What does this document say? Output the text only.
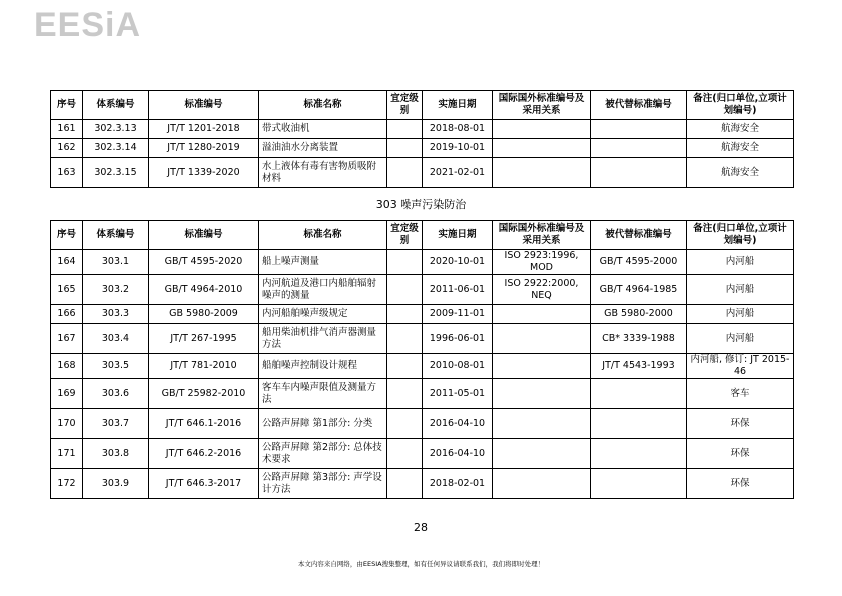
EESiA
序号	体系编号	标准编号	标准名称	宜定级别	实施日期	国际国外标准编号及采用关系	被代替标准编号	备注(归口单位,立项计划编号)
161	302.3.13	JT/T 1201-2018	带式收油机		2018-08-01			航海安全
162	302.3.14	JT/T 1280-2019	溢油油水分离装置		2019-10-01			航海安全
163	302.3.15	JT/T 1339-2020	水上液体有毒有害物质吸附材料		2021-02-01			航海安全
303 噪声污染防治
序号	体系编号	标准编号	标准名称	宜定级别	实施日期	国际国外标准编号及采用关系	被代替标准编号	备注(归口单位,立项计划编号)
164	303.1	GB/T 4595-2020	船上噪声测量		2020-10-01	ISO 2923:1996, MOD	GB/T 4595-2000	内河船
165	303.2	GB/T 4964-2010	内河航道及港口内船舶辐射噪声的测量		2011-06-01	ISO 2922:2000, NEQ	GB/T 4964-1985	内河船
166	303.3	GB 5980-2009	内河船舶噪声级规定		2009-11-01		GB 5980-2000	内河船
167	303.4	JT/T 267-1995	船用柴油机排气消声器测量方法		1996-06-01		CB* 3339-1988	内河船
168	303.5	JT/T 781-2010	船舶噪声控制设计规程		2010-08-01		JT/T 4543-1993	内河船, 修订: JT 2015-46
169	303.6	GB/T 25982-2010	客车车内噪声限值及测量方法		2011-05-01			客车
170	303.7	JT/T 646.1-2016	公路声屏障 第1部分: 分类		2016-04-10			环保
171	303.8	JT/T 646.2-2016	公路声屏障 第2部分: 总体技术要求		2016-04-10			环保
172	303.9	JT/T 646.3-2017	公路声屏障 第3部分: 声学设计方法		2018-02-01			环保
28
本文内容来自网络，由EESIA搜集整理，如有任何异议请联系我们，我们将即时处理！
